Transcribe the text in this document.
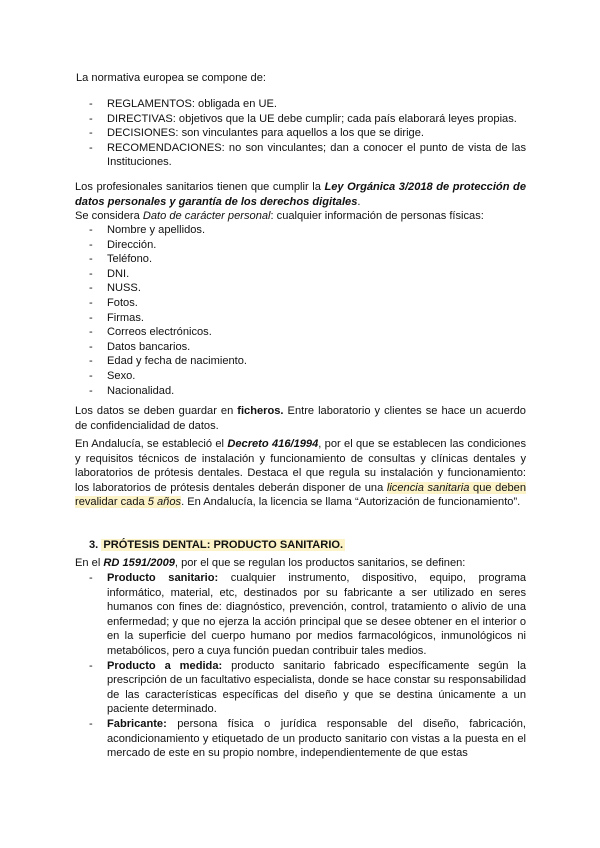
La normativa europea se compone de:

- REGLAMENTOS: obligada en UE.
- DIRECTIVAS: objetivos que la UE debe cumplir; cada país elaborará leyes propias.
- DECISIONES: son vinculantes para aquellos a los que se dirige.
- RECOMENDACIONES: no son vinculantes; dan a conocer el punto de vista de las Instituciones.

Los profesionales sanitarios tienen que cumplir la Ley Orgánica 3/2018 de protección de datos personales y garantía de los derechos digitales.

Se considera Dato de carácter personal: cualquier información de personas físicas:

- Nombre y apellidos.
- Dirección.
- Teléfono.
- DNI.
- NUSS.
- Fotos.
- Firmas.
- Correos electrónicos.
- Datos bancarios.
- Edad y fecha de nacimiento.
- Sexo.
- Nacionalidad.

Los datos se deben guardar en ficheros. Entre laboratorio y clientes se hace un acuerdo de confidencialidad de datos.

En Andalucía, se estableció el Decreto 416/1994, por el que se establecen las condiciones y requisitos técnicos de instalación y funcionamiento de consultas y clínicas dentales y laboratorios de prótesis dentales. Destaca el que regula su instalación y funcionamiento: los laboratorios de prótesis dentales deberán disponer de una licencia sanitaria que deben revalidar cada 5 años. En Andalucía, la licencia se llama “Autorización de funcionamiento”.

3. PRÓTESIS DENTAL: PRODUCTO SANITARIO.

En el RD 1591/2009, por el que se regulan los productos sanitarios, se definen:

- Producto sanitario: cualquier instrumento, dispositivo, equipo, programa informático, material, etc, destinados por su fabricante a ser utilizado en seres humanos con fines de: diagnóstico, prevención, control, tratamiento o alivio de una enfermedad; y que no ejerza la acción principal que se desee obtener en el interior o en la superficie del cuerpo humano por medios farmacológicos, inmunológicos ni metabólicos, pero a cuya función puedan contribuir tales medios.
- Producto a medida: producto sanitario fabricado específicamente según la prescripción de un facultativo especialista, donde se hace constar su responsabilidad de las características específicas del diseño y que se destina únicamente a un paciente determinado.
- Fabricante: persona física o jurídica responsable del diseño, fabricación, acondicionamiento y etiquetado de un producto sanitario con vistas a la puesta en el mercado de este en su propio nombre, independientemente de que estas
